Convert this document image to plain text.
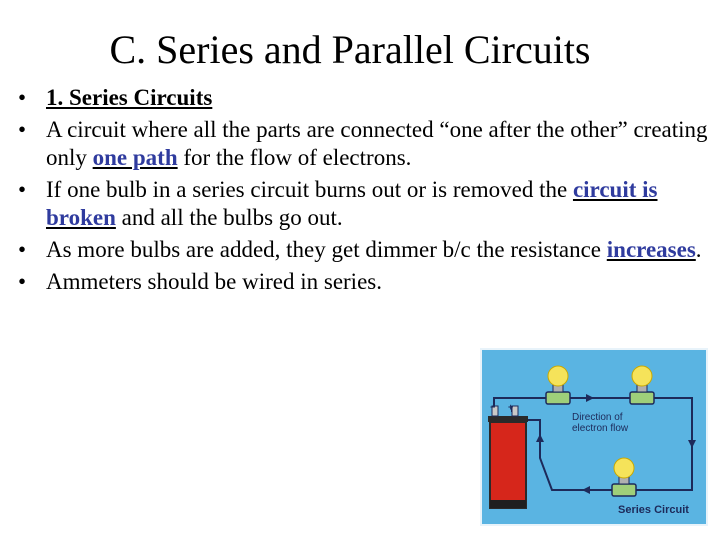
C. Series and Parallel Circuits
• 1. Series Circuits
• A circuit where all the parts are connected “one after the other” creating only one path for the flow of electrons.
• If one bulb in a series circuit burns out or is removed the circuit is broken and all the bulbs go out.
• As more bulbs are added, they get dimmer b/c the resistance increases.
• Ammeters should be wired in series.
+
−
Direction of
electron flow
Series Circuit
